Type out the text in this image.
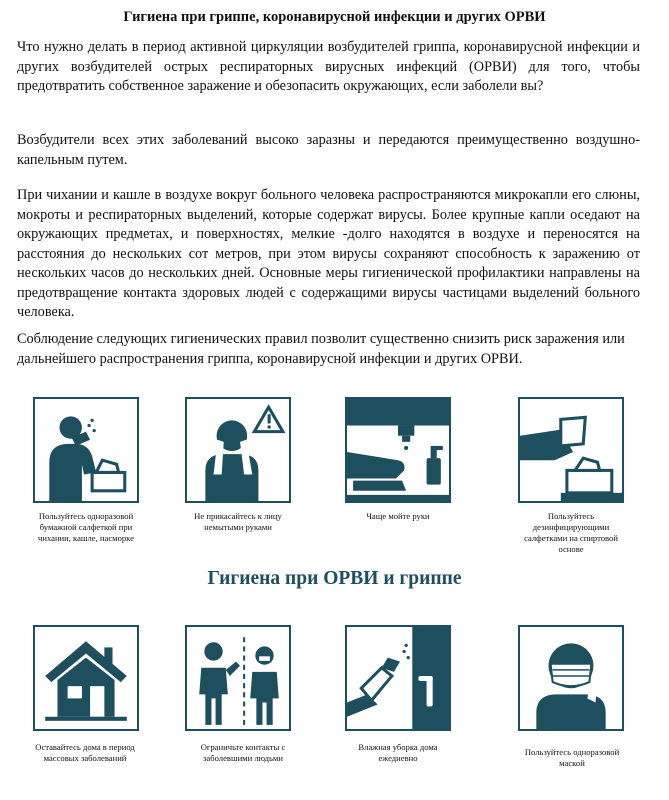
Гигиена при гриппе, коронавирусной инфекции и других ОРВИ

Что нужно делать в период активной циркуляции возбудителей гриппа, коронавирусной инфекции и других возбудителей острых респираторных вирусных инфекций (ОРВИ) для того, чтобы предотвратить собственное заражение и обезопасить окружающих, если заболели вы?

Возбудители всех этих заболеваний высоко заразны и передаются преимущественно воздушно-капельным путем.

При чихании и кашле в воздухе вокруг больного человека распространяются микрокапли его слюны, мокроты и респираторных выделений, которые содержат вирусы. Более крупные капли оседают на окружающих предметах, и поверхностях, мелкие -долго находятся в воздухе и переносятся на расстояния до нескольких сот метров, при этом вирусы сохраняют способность к заражению от нескольких часов до нескольких дней. Основные меры гигиенической профилактики направлены на предотвращение контакта здоровых людей с содержащими вирусы частицами выделений больного человека.

Соблюдение следующих гигиенических правил позволит существенно снизить риск заражения или дальнейшего распространения гриппа, коронавирусной инфекции и других ОРВИ.

Пользуйтесь одноразовой бумажной салфеткой при чихании, кашле, насморке
Не прикасайтесь к лицу немытыми руками
Чаще мойте руки	Пользуйтесь дезинфицирующими салфетками на спиртовой основе
Гигиена при ОРВИ и гриппе
Оставайтесь дома в период массовых заболеваний
Ограничьте контакты с заболевшими людьми
Влажная уборка дома ежедневно
Пользуйтесь одноразовой маской
